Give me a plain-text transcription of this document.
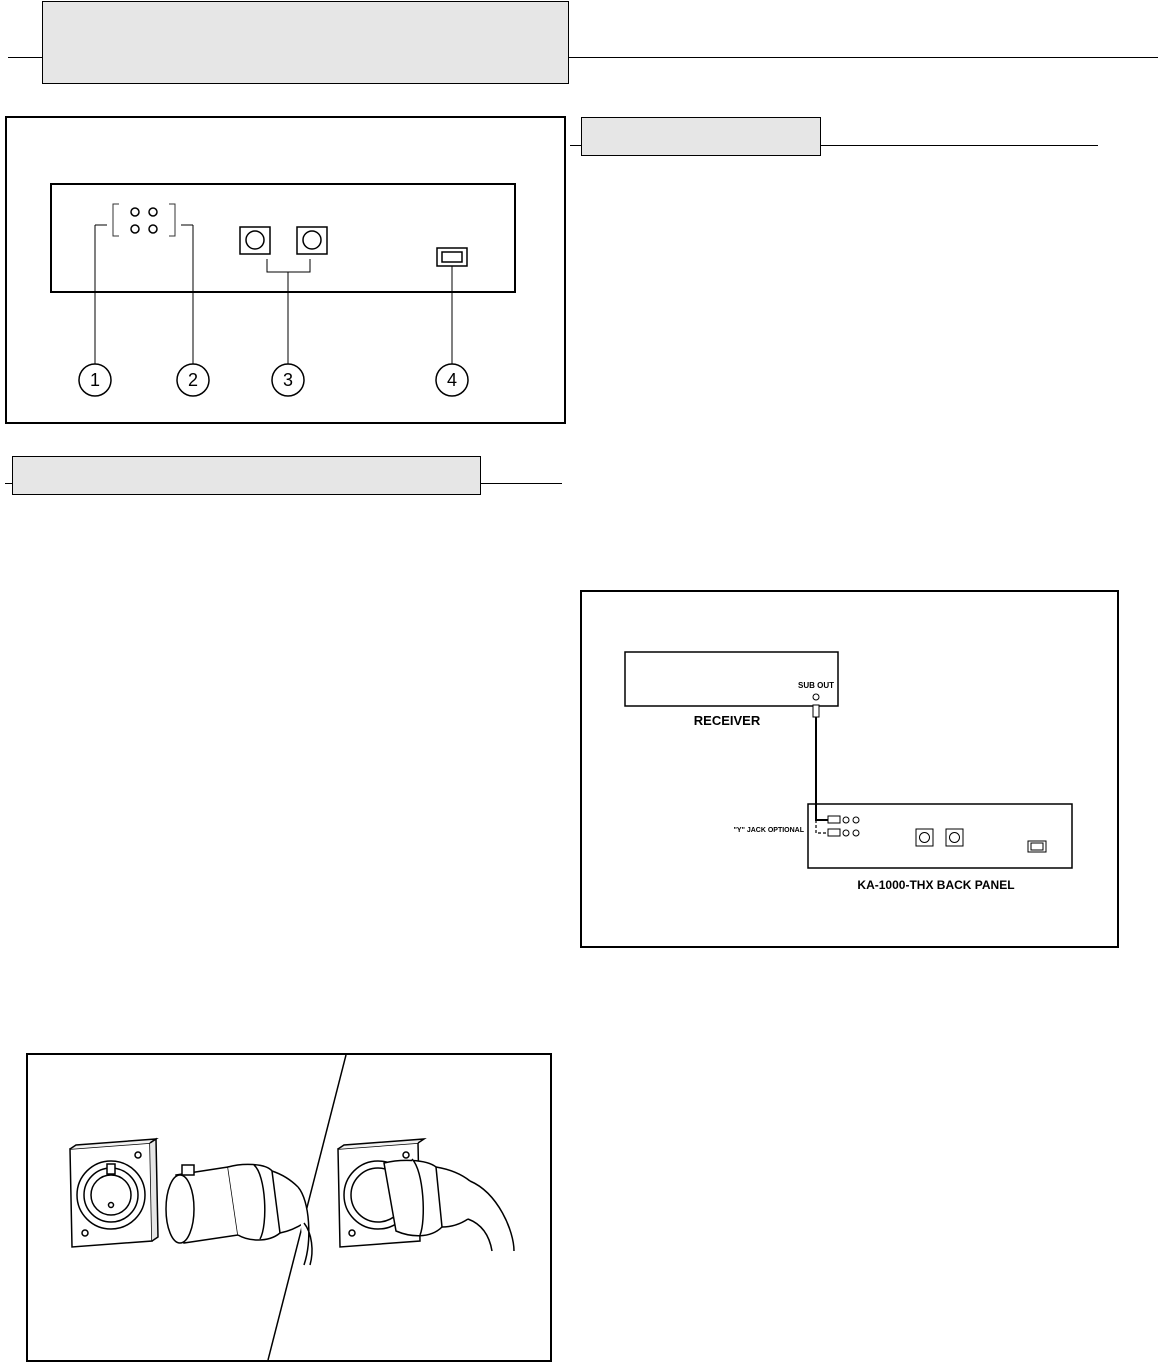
1	2	3	4
SUB OUT
RECEIVER
"Y" JACK OPTIONAL
KA-1000-THX BACK PANEL
